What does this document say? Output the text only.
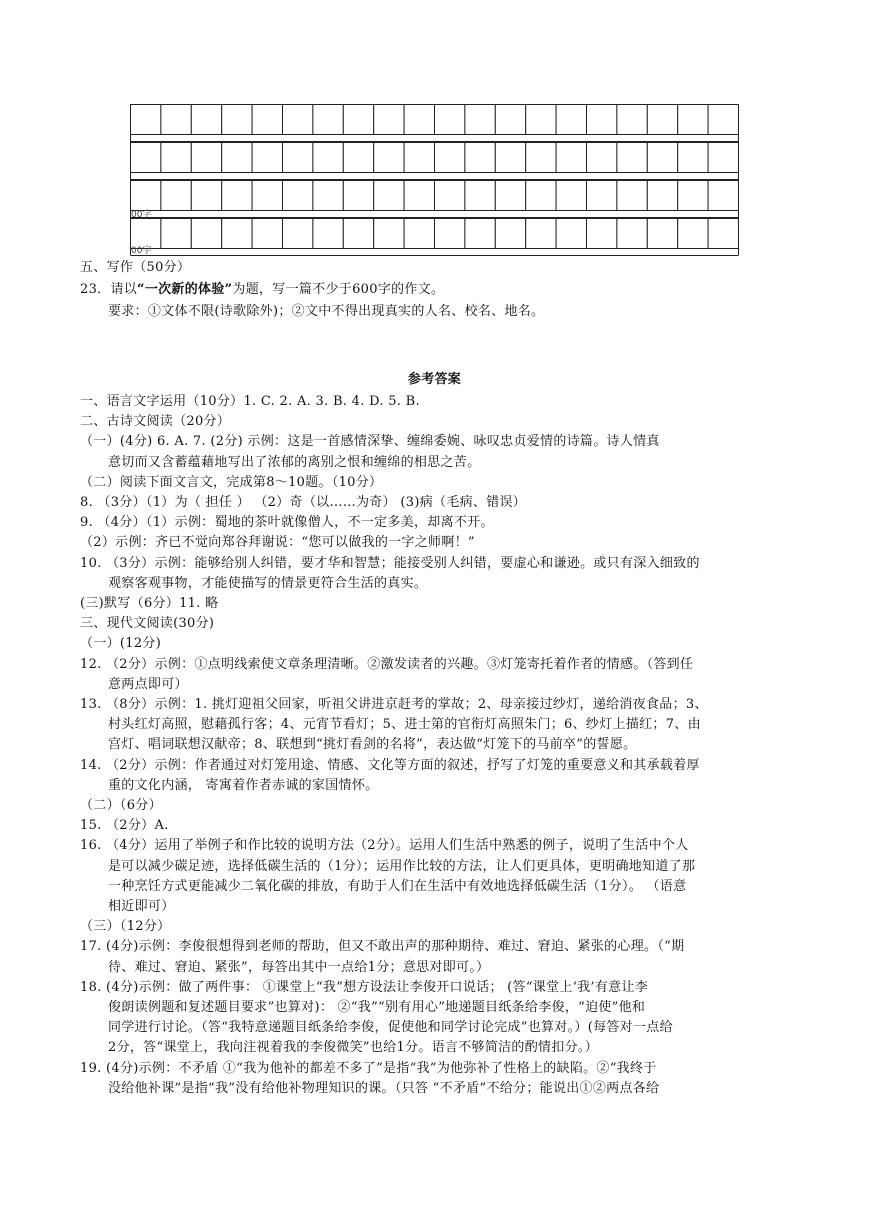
00字
00字
五、写作（50分）
23．请以“一次新的体验”为题，写一篇不少于600字的作文。
要求：①文体不限(诗歌除外)；②文中不得出现真实的人名、校名、地名。
参考答案
一、语言文字运用（10分）1. C. 2. A. 3. B. 4. D. 5. B.
二、古诗文阅读（20分）
（一）(4分) 6. A. 7. (2分) 示例：这是一首感情深挚、缠绵委婉、咏叹忠贞爱情的诗篇。诗人情真
意切而又含蓄蕴藉地写出了浓郁的离别之恨和缠绵的相思之苦。
（二）阅读下面文言文，完成第8～10题。（10分）
8. （3分）（1）为（ 担任 ） （2）奇（以……为奇） (3)病（毛病、错误）
9. （4分）（1）示例：蜀地的茶叶就像僧人，不一定多美，却离不开。
（2）示例：齐已不觉向郑谷拜谢说：“您可以做我的一字之师啊！”
10. （3分）示例：能够给别人纠错，要才华和智慧；能接受别人纠错，要虚心和谦逊。或只有深入细致的
观察客观事物，才能使描写的情景更符合生活的真实。
(三)默写（6分）11. 略
三、现代文阅读(30分)
（一）(12分)
12. （2分）示例：①点明线索使文章条理清晰。②激发读者的兴趣。③灯笼寄托着作者的情感。（答到任
意两点即可）
13. （8分）示例：1. 挑灯迎祖父回家，听祖父讲进京赶考的掌故；2、母亲接过纱灯，递给消夜食品；3、
村头红灯高照，慰藉孤行客；4、元宵节看灯；5、进士第的官衔灯高照朱门；6、纱灯上描红；7、由
宫灯、唱词联想汉献帝；8、联想到“挑灯看剑的名将”，表达做“灯笼下的马前卒”的誓愿。
14. （2分）示例：作者通过对灯笼用途、情感、文化等方面的叙述，抒写了灯笼的重要意义和其承载着厚
重的文化内涵， 寄寓着作者赤诚的家国情怀。
（二）（6分）
15. （2分）A.
16. （4分）运用了举例子和作比较的说明方法（2分）。运用人们生活中熟悉的例子，说明了生活中个人
是可以减少碳足迹，选择低碳生活的（1分）；运用作比较的方法，让人们更具体，更明确地知道了那
一种烹饪方式更能减少二氧化碳的排放，有助于人们在生活中有效地选择低碳生活（1分）。 （语意
相近即可）
（三）（12分）
17. (4分)示例：李俊很想得到老师的帮助，但又不敢出声的那种期待、难过、窘迫、紧张的心理。（“期
待、难过、窘迫、紧张”，每答出其中一点给1分；意思对即可。）
18. (4分)示例：做了两件事： ①课堂上“我”想方设法让李俊开口说话； (答“课堂上‘我’有意让李
俊朗读例题和复述题目要求”也算对)： ②“我”“别有用心”地递题目纸条给李俊，“迫使”他和
同学进行讨论。（答“我特意递题目纸条给李俊，促使他和同学讨论完成”也算对。）(每答对一点给
2分，答“课堂上，我向注视着我的李俊微笑”也给1分。语言不够简洁的酌情扣分。）
19. (4分)示例：不矛盾 ①“我为他补的都差不多了”是指“我”为他弥补了性格上的缺陷。②“我终于
没给他补课”是指“我”没有给他补物理知识的课。（只答 “不矛盾”不给分；能说出①②两点各给
